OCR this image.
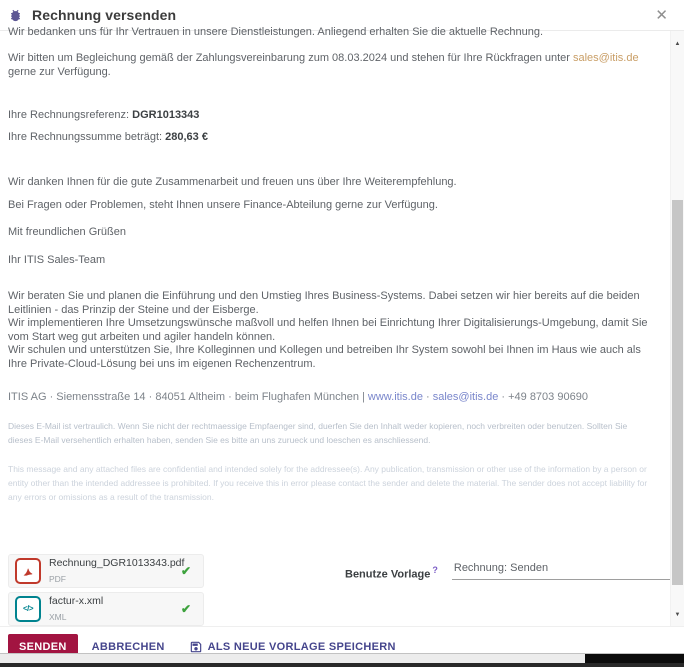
Rechnung versenden	✕

Wir bedanken uns für Ihr Vertrauen in unsere Dienstleistungen. Anliegend erhalten Sie die aktuelle Rechnung.

Wir bitten um Begleichung gemäß der Zahlungsvereinbarung zum 08.03.2024 und stehen für Ihre Rückfragen unter sales@itis.de gerne zur Verfügung.

Ihre Rechnungsreferenz: DGR1013343

Ihre Rechnungssumme beträgt: 280,63 €

Wir danken Ihnen für die gute Zusammenarbeit und freuen uns über Ihre Weiterempfehlung.

Bei Fragen oder Problemen, steht Ihnen unsere Finance-Abteilung gerne zur Verfügung.

Mit freundlichen Grüßen

Ihr ITIS Sales-Team

Wir beraten Sie und planen die Einführung und den Umstieg Ihres Business-Systems. Dabei setzen wir hier bereits auf die beiden Leitlinien - das Prinzip der Steine und der Eisberge.
Wir implementieren Ihre Umsetzungswünsche maßvoll und helfen Ihnen bei Einrichtung Ihrer Digitalisierungs-Umgebung, damit Sie vom Start weg gut arbeiten und agiler handeln können.
Wir schulen und unterstützen Sie, Ihre Kolleginnen und Kollegen und betreiben Ihr System sowohl bei Ihnen im Haus wie auch als Ihre Private-Cloud-Lösung bei uns im eigenen Rechenzentrum.

ITIS AG · Siemensstraße 14 · 84051 Altheim · beim Flughafen München | www.itis.de · sales@itis.de · +49 8703 90690

Dieses E-Mail ist vertraulich. Wenn Sie nicht der rechtmaessige Empfaenger sind, duerfen Sie den Inhalt weder kopieren, noch verbreiten oder benutzen. Sollten Sie dieses E-Mail versehentlich erhalten haben, senden Sie es bitte an uns zurueck und loeschen es anschliessend.

This message and any attached files are confidential and intended solely for the addressee(s). Any publication, transmission or other use of the information by a person or entity other than the intended addressee is prohibited. If you receive this in error please contact the sender and delete the material. The sender does not accept liability for any errors or omissions as a result of the transmission.

Rechnung_DGR1013343.pdf
PDF
✔
</>
factur-x.xml
XML
✔
Benutze Vorlage ?
Rechnung: Senden
▲
▼
SENDEN	ABBRECHEN	ALS NEUE VORLAGE SPEICHERN
